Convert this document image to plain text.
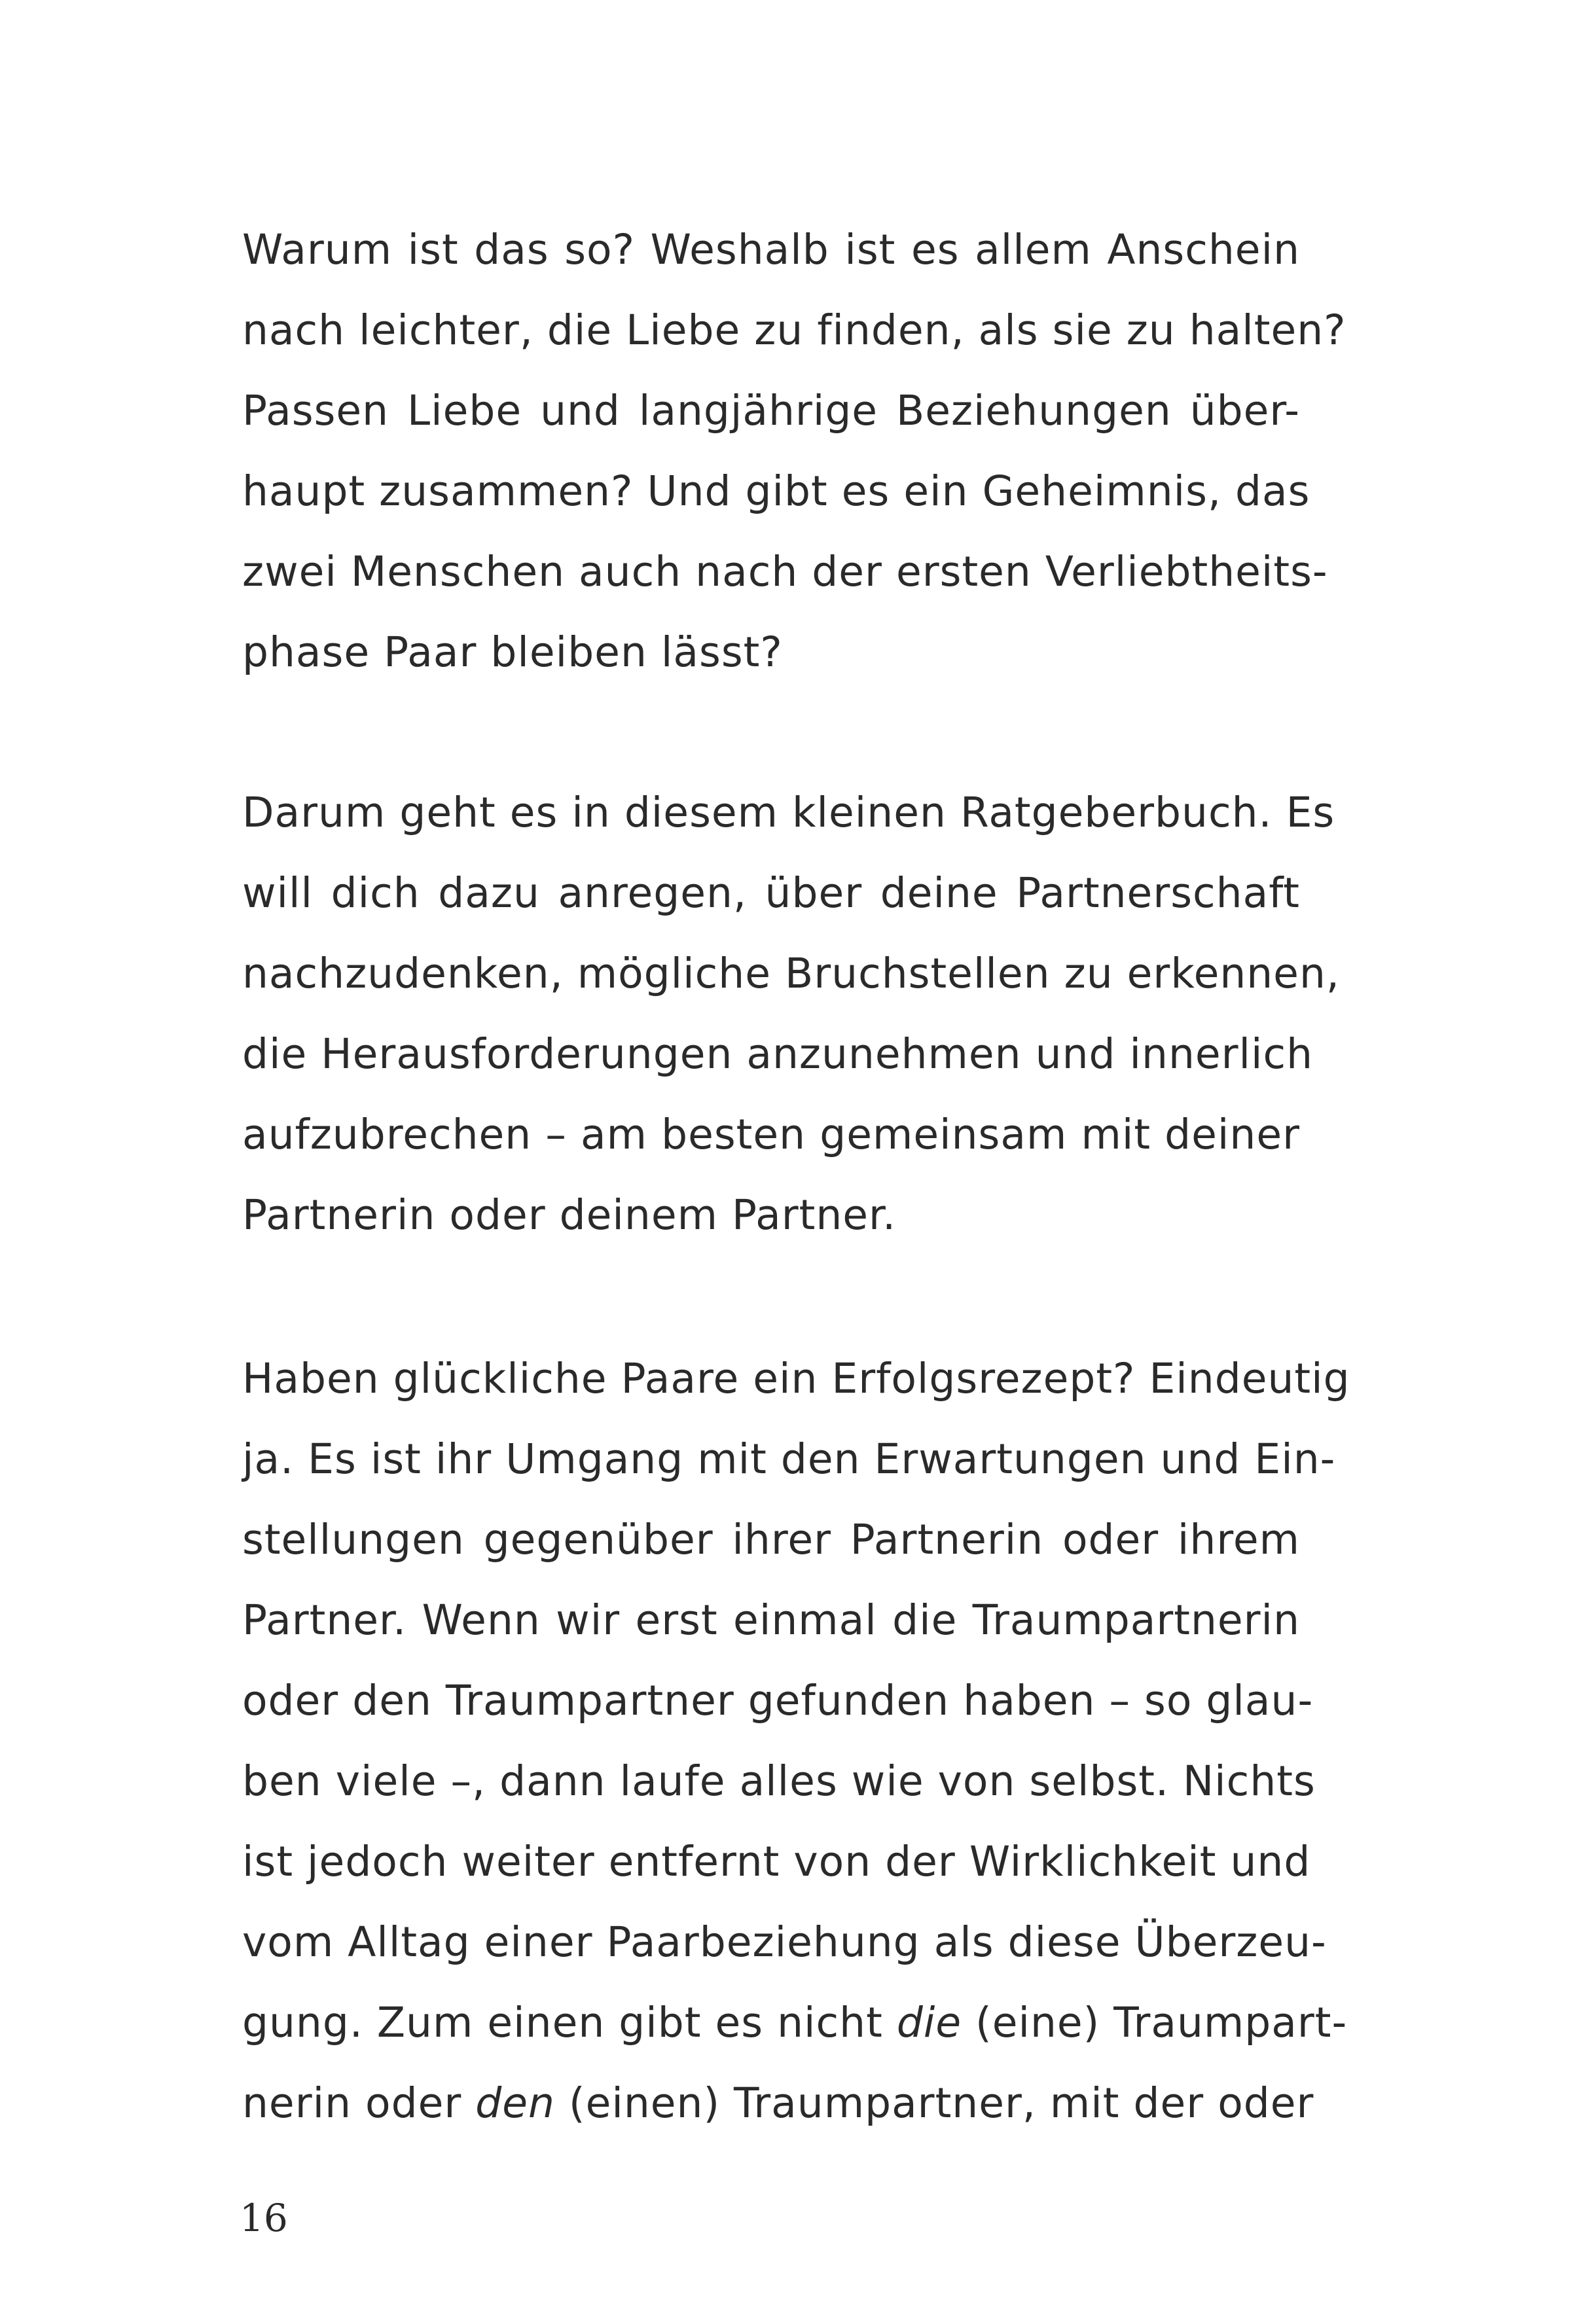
Warum ist das so? Weshalb ist es allem Anschein
nach leichter, die Liebe zu finden, als sie zu halten?
Passen Liebe und langjährige Beziehungen über-
haupt zusammen? Und gibt es ein Geheimnis, das
zwei Menschen auch nach der ersten Verliebtheits-
phase Paar bleiben lässt?
Darum geht es in diesem kleinen Ratgeberbuch. Es
will dich dazu anregen, über deine Partnerschaft
nachzudenken, mögliche Bruchstellen zu erkennen,
die Herausforderungen anzunehmen und innerlich
aufzubrechen – am besten gemeinsam mit deiner
Partnerin oder deinem Partner.
Haben glückliche Paare ein Erfolgsrezept? Eindeutig
ja. Es ist ihr Umgang mit den Erwartungen und Ein-
stellungen gegenüber ihrer Partnerin oder ihrem
Partner. Wenn wir erst einmal die Traumpartnerin
oder den Traumpartner gefunden haben – so glau-
ben viele –, dann laufe alles wie von selbst. Nichts
ist jedoch weiter entfernt von der Wirklichkeit und
vom Alltag einer Paarbeziehung als diese Überzeu-
gung. Zum einen gibt es nicht die (eine) Traumpart-
nerin oder den (einen) Traumpartner, mit der oder
16
